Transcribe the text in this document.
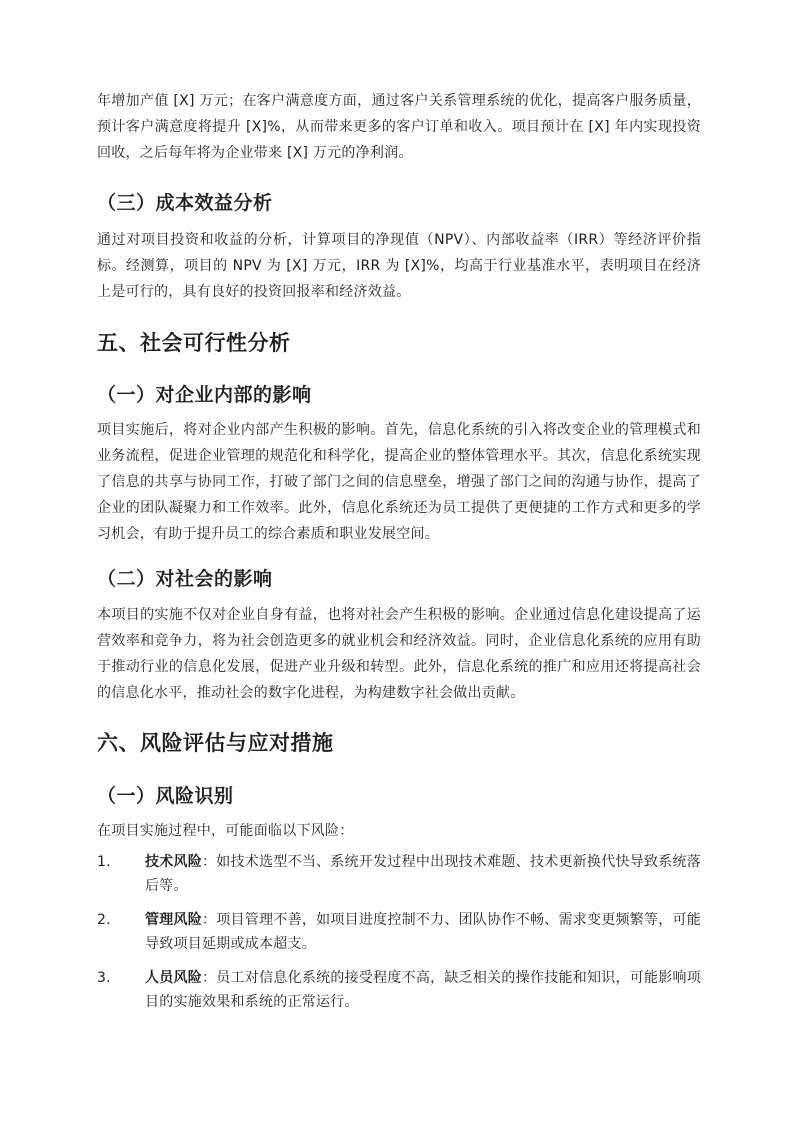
年增加产值 [X] 万元；在客户满意度方面，通过客户关系管理系统的优化，提高客户服务质量，预计客户满意度将提升 [X]%，从而带来更多的客户订单和收入。项目预计在 [X] 年内实现投资回收，之后每年将为企业带来 [X] 万元的净利润。

（三）成本效益分析

通过对项目投资和收益的分析，计算项目的净现值（NPV）、内部收益率（IRR）等经济评价指标。经测算，项目的 NPV 为 [X] 万元，IRR 为 [X]%，均高于行业基准水平，表明项目在经济上是可行的，具有良好的投资回报率和经济效益。

五、社会可行性分析
（一）对企业内部的影响

项目实施后，将对企业内部产生积极的影响。首先，信息化系统的引入将改变企业的管理模式和业务流程，促进企业管理的规范化和科学化，提高企业的整体管理水平。其次，信息化系统实现了信息的共享与协同工作，打破了部门之间的信息壁垒，增强了部门之间的沟通与协作，提高了企业的团队凝聚力和工作效率。此外，信息化系统还为员工提供了更便捷的工作方式和更多的学习机会，有助于提升员工的综合素质和职业发展空间。

（二）对社会的影响

本项目的实施不仅对企业自身有益，也将对社会产生积极的影响。企业通过信息化建设提高了运营效率和竞争力，将为社会创造更多的就业机会和经济效益。同时，企业信息化系统的应用有助于推动行业的信息化发展，促进产业升级和转型。此外，信息化系统的推广和应用还将提高社会的信息化水平，推动社会的数字化进程，为构建数字社会做出贡献。

六、风险评估与应对措施
（一）风险识别

在项目实施过程中，可能面临以下风险：

1. 技术风险：如技术选型不当、系统开发过程中出现技术难题、技术更新换代快导致系统落后等。
2. 管理风险：项目管理不善，如项目进度控制不力、团队协作不畅、需求变更频繁等，可能导致项目延期或成本超支。
3. 人员风险：员工对信息化系统的接受程度不高，缺乏相关的操作技能和知识，可能影响项目的实施效果和系统的正常运行。
